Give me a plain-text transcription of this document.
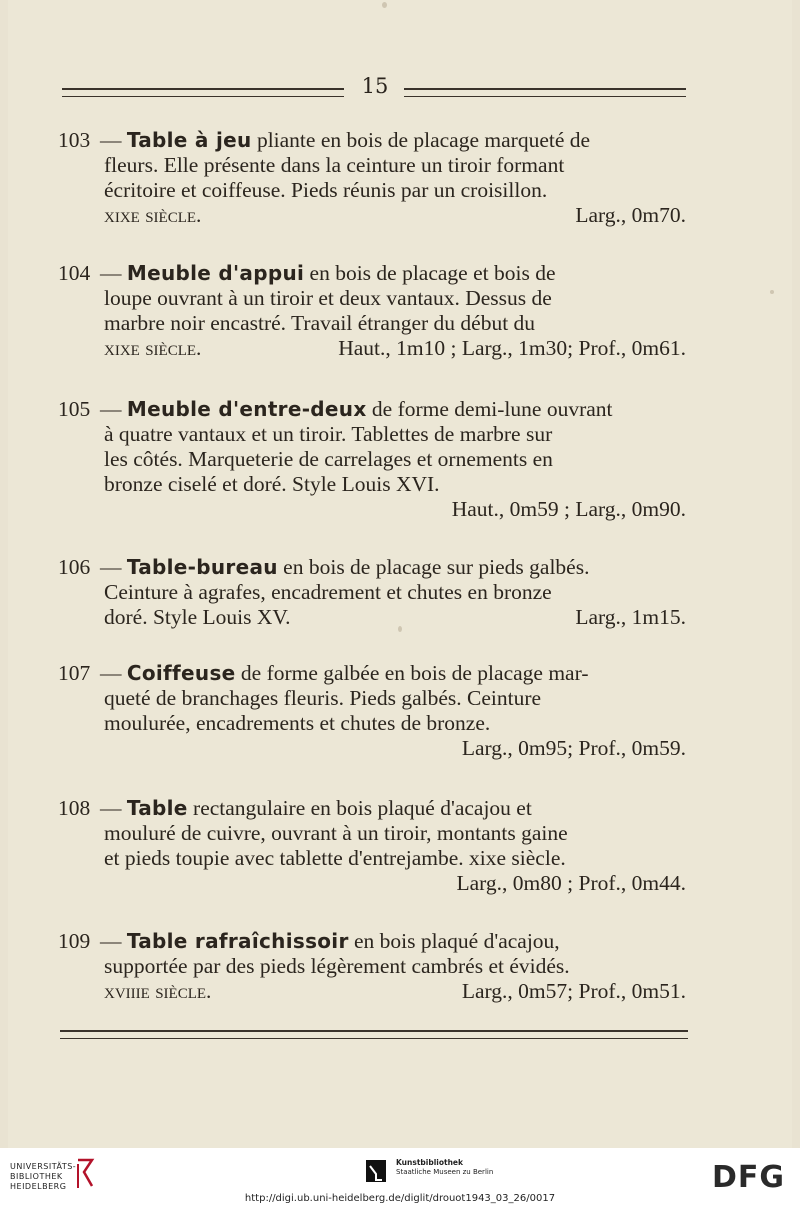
15
103 — Table à jeu pliante en bois de placage marqueté de
fleurs. Elle présente dans la ceinture un tiroir formant
écritoire et coiffeuse. Pieds réunis par un croisillon.
xixe siècle.	Larg., 0m70.
104 — Meuble d'appui en bois de placage et bois de
loupe ouvrant à un tiroir et deux vantaux. Dessus de
marbre noir encastré. Travail étranger du début du
xixe siècle.	Haut., 1m10 ; Larg., 1m30; Prof., 0m61.
105 — Meuble d'entre-deux de forme demi-lune ouvrant
à quatre vantaux et un tiroir. Tablettes de marbre sur
les côtés. Marqueterie de carrelages et ornements en
bronze ciselé et doré. Style Louis XVI.
Haut., 0m59 ; Larg., 0m90.
106 — Table-bureau en bois de placage sur pieds galbés.
Ceinture à agrafes, encadrement et chutes en bronze
doré. Style Louis XV.	Larg., 1m15.
107 — Coiffeuse de forme galbée en bois de placage mar-
queté de branchages fleuris. Pieds galbés. Ceinture
moulurée, encadrements et chutes de bronze.
Larg., 0m95; Prof., 0m59.
108 — Table rectangulaire en bois plaqué d'acajou et
mouluré de cuivre, ouvrant à un tiroir, montants gaine
et pieds toupie avec tablette d'entrejambe. xixe siècle.
Larg., 0m80 ; Prof., 0m44.
109 — Table rafraîchissoir en bois plaqué d'acajou,
supportée par des pieds légèrement cambrés et évidés.
xviiie siècle.	Larg., 0m57; Prof., 0m51.
UNIVERSITÄTS-
BIBLIOTHEK
HEIDELBERG
Kunstbibliothek
Staatliche Museen zu Berlin	DFG
http://digi.ub.uni-heidelberg.de/diglit/drouot1943_03_26/0017
